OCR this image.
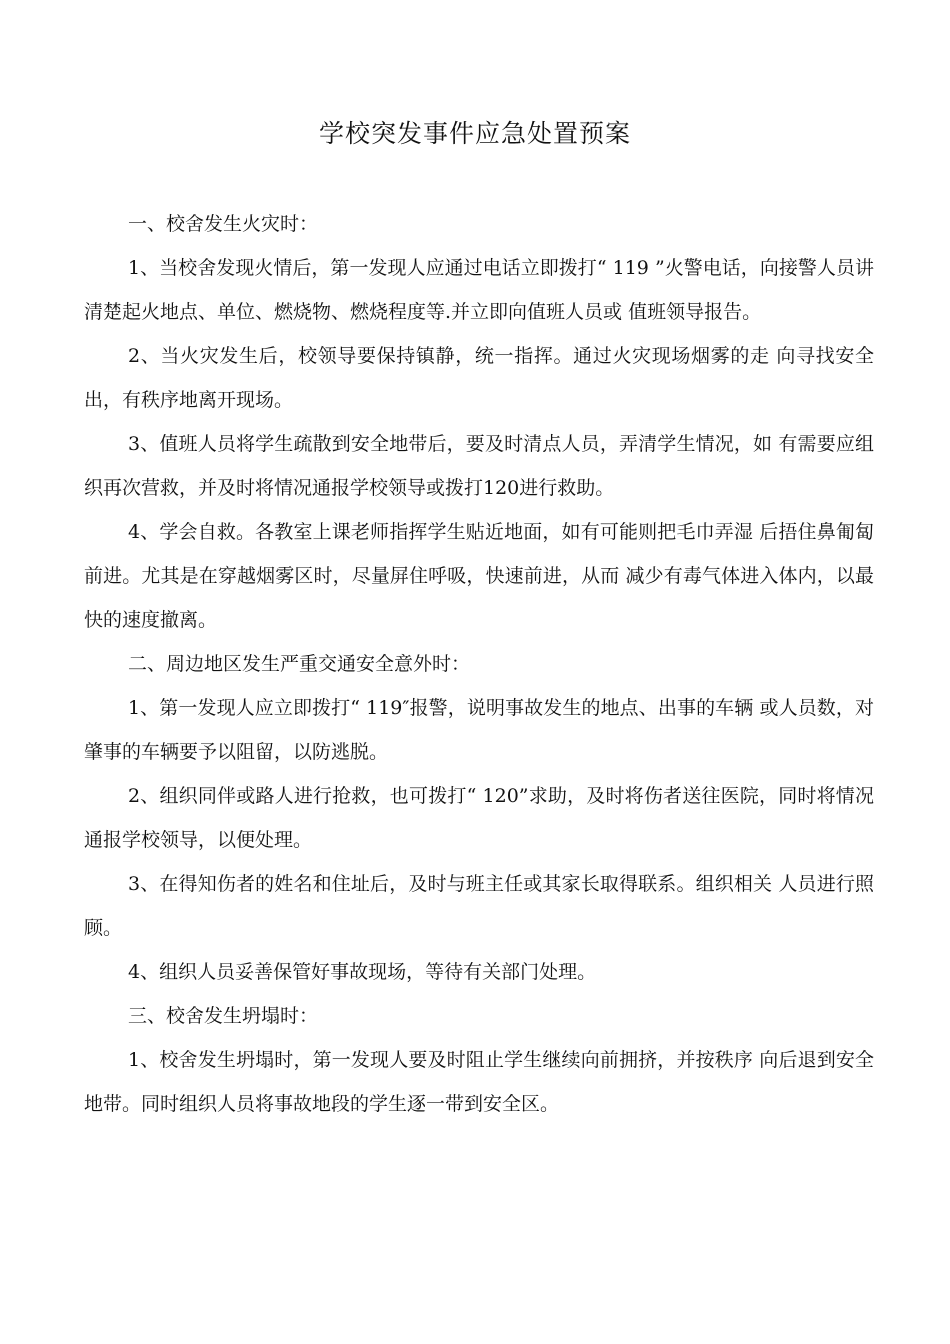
学校突发事件应急处置预案

一、校舍发生火灾时：

1、当校舍发现火情后，第一发现人应通过电话立即拨打“ 119 ”火警电话，向接警人员讲清楚起火地点、单位、燃烧物、燃烧程度等.并立即向值班人员或 值班领导报告。

2、当火灾发生后，校领导要保持镇静，统一指挥。通过火灾现场烟雾的走 向寻找安全出，有秩序地离开现场。

3、值班人员将学生疏散到安全地带后，要及时清点人员，弄清学生情况，如 有需要应组织再次营救，并及时将情况通报学校领导或拨打120进行救助。

4、学会自救。各教室上课老师指挥学生贴近地面，如有可能则把毛巾弄湿 后捂住鼻匍匐前进。尤其是在穿越烟雾区时，尽量屏住呼吸，快速前进，从而 减少有毒气体进入体内，以最快的速度撤离。

二、周边地区发生严重交通安全意外时：

1、第一发现人应立即拨打“ 119″报警，说明事故发生的地点、出事的车辆 或人员数，对肇事的车辆要予以阻留，以防逃脱。

2、组织同伴或路人进行抢救，也可拨打“ 120”求助，及时将伤者送往医院，同时将情况通报学校领导，以便处理。

3、在得知伤者的姓名和住址后，及时与班主任或其家长取得联系。组织相关 人员进行照顾。

4、组织人员妥善保管好事故现场，等待有关部门处理。

三、校舍发生坍塌时：

1、校舍发生坍塌时，第一发现人要及时阻止学生继续向前拥挤，并按秩序 向后退到安全地带。同时组织人员将事故地段的学生逐一带到安全区。
